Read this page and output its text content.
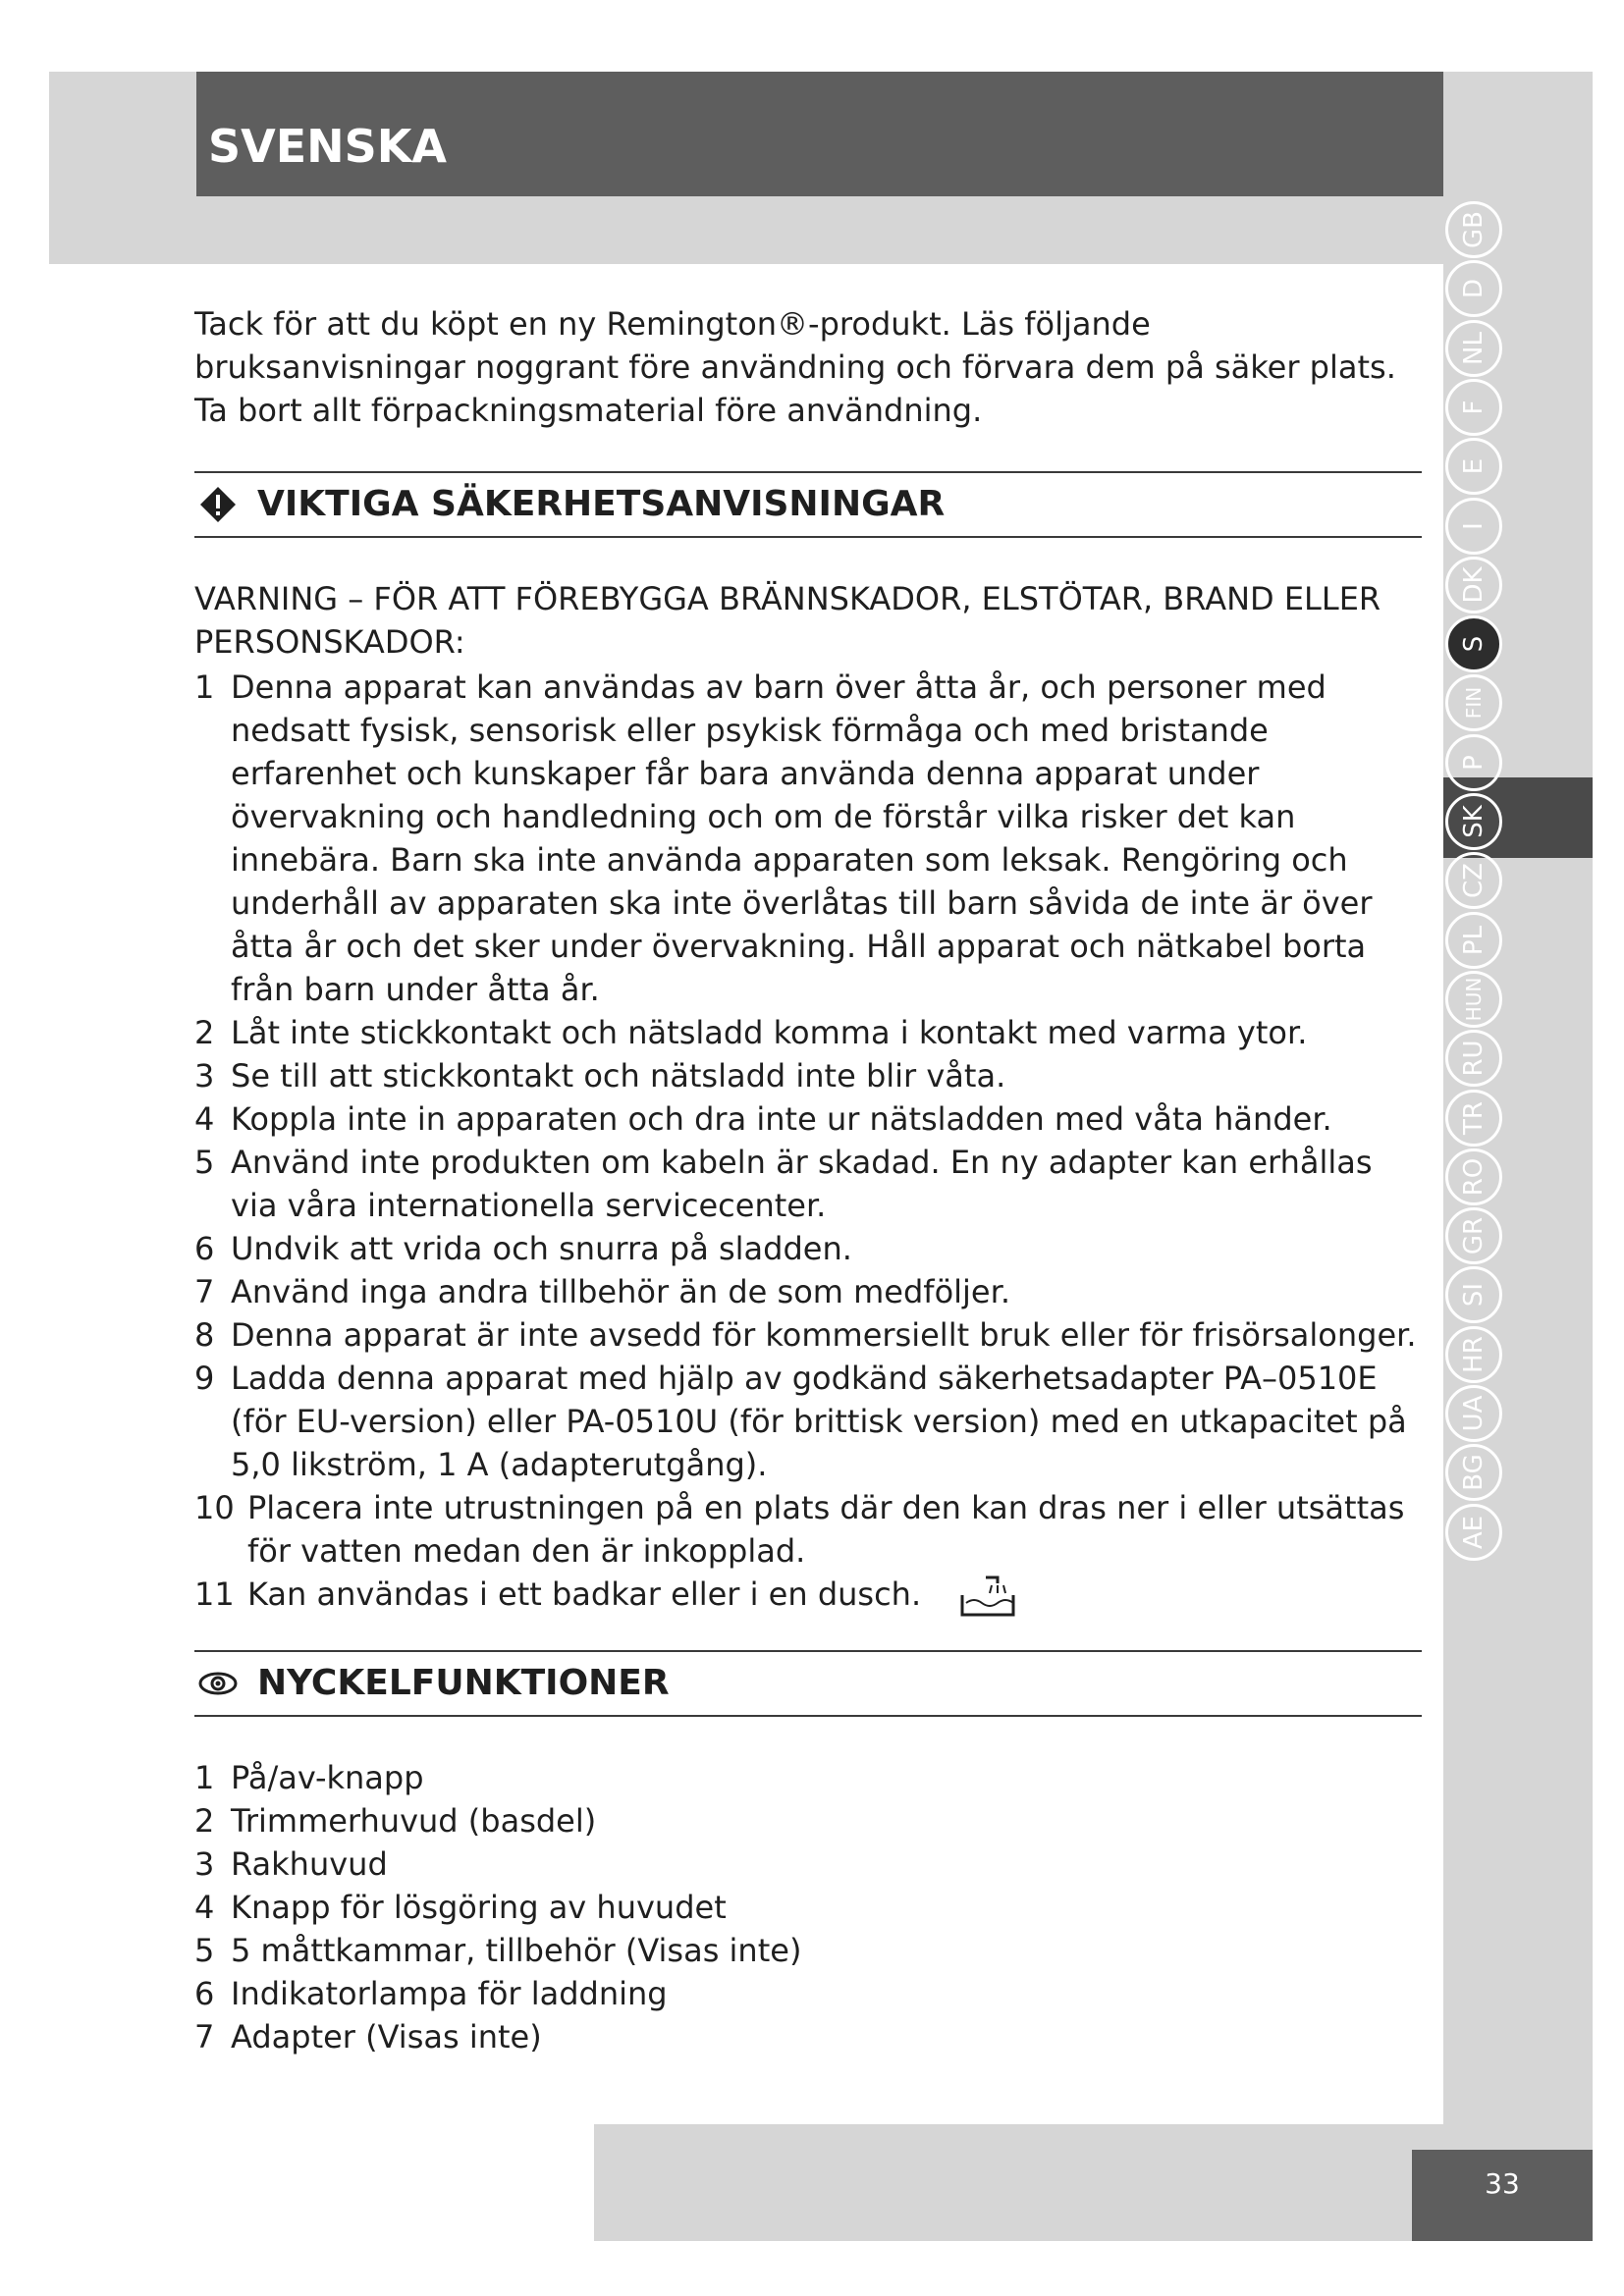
SVENSKA
GB
D
NL
F
E
I
DK
S
FIN
P
SK
CZ
PL
HUN
RU
TR
RO
GR
SI
HR
UA
BG
AE
33

Tack för att du köpt en ny Remington®-produkt. Läs följande bruksanvisningar noggrant före användning och förvara dem på säker plats. Ta bort allt förpackningsmaterial före användning.

VIKTIGA SÄKERHETSANVISNINGAR

VARNING – FÖR ATT FÖREBYGGA BRÄNNSKADOR, ELSTÖTAR, BRAND ELLER PERSONSKADOR:

1 Denna apparat kan användas av barn över åtta år, och personer med nedsatt fysisk, sensorisk eller psykisk förmåga och med bristande erfarenhet och kunskaper får bara använda denna apparat under övervakning och handledning och om de förstår vilka risker det kan innebära. Barn ska inte använda apparaten som leksak. Rengöring och underhåll av apparaten ska inte överlåtas till barn såvida de inte är över åtta år och det sker under övervakning. Håll apparat och nätkabel borta från barn under åtta år.
2 Låt inte stickkontakt och nätsladd komma i kontakt med varma ytor.
3 Se till att stickkontakt och nätsladd inte blir våta.
4 Koppla inte in apparaten och dra inte ur nätsladden med våta händer.
5 Använd inte produkten om kabeln är skadad. En ny adapter kan erhållas via våra internationella servicecenter.
6 Undvik att vrida och snurra på sladden.
7 Använd inga andra tillbehör än de som medföljer.
8 Denna apparat är inte avsedd för kommersiellt bruk eller för frisörsalonger.
9 Ladda denna apparat med hjälp av godkänd säkerhetsadapter PA–0510E (för EU-version) eller PA-0510U (för brittisk version) med en utkapacitet på 5,0 likström, 1 A (adapterutgång).
10 Placera inte utrustningen på en plats där den kan dras ner i eller utsättas för vatten medan den är inkopplad.
11 Kan användas i ett badkar eller i en dusch.
NYCKELFUNKTIONER
1 På/av-knapp
2 Trimmerhuvud (basdel)
3 Rakhuvud
4 Knapp för lösgöring av huvudet
5 5 måttkammar, tillbehör (Visas inte)
6 Indikatorlampa för laddning
7 Adapter (Visas inte)
